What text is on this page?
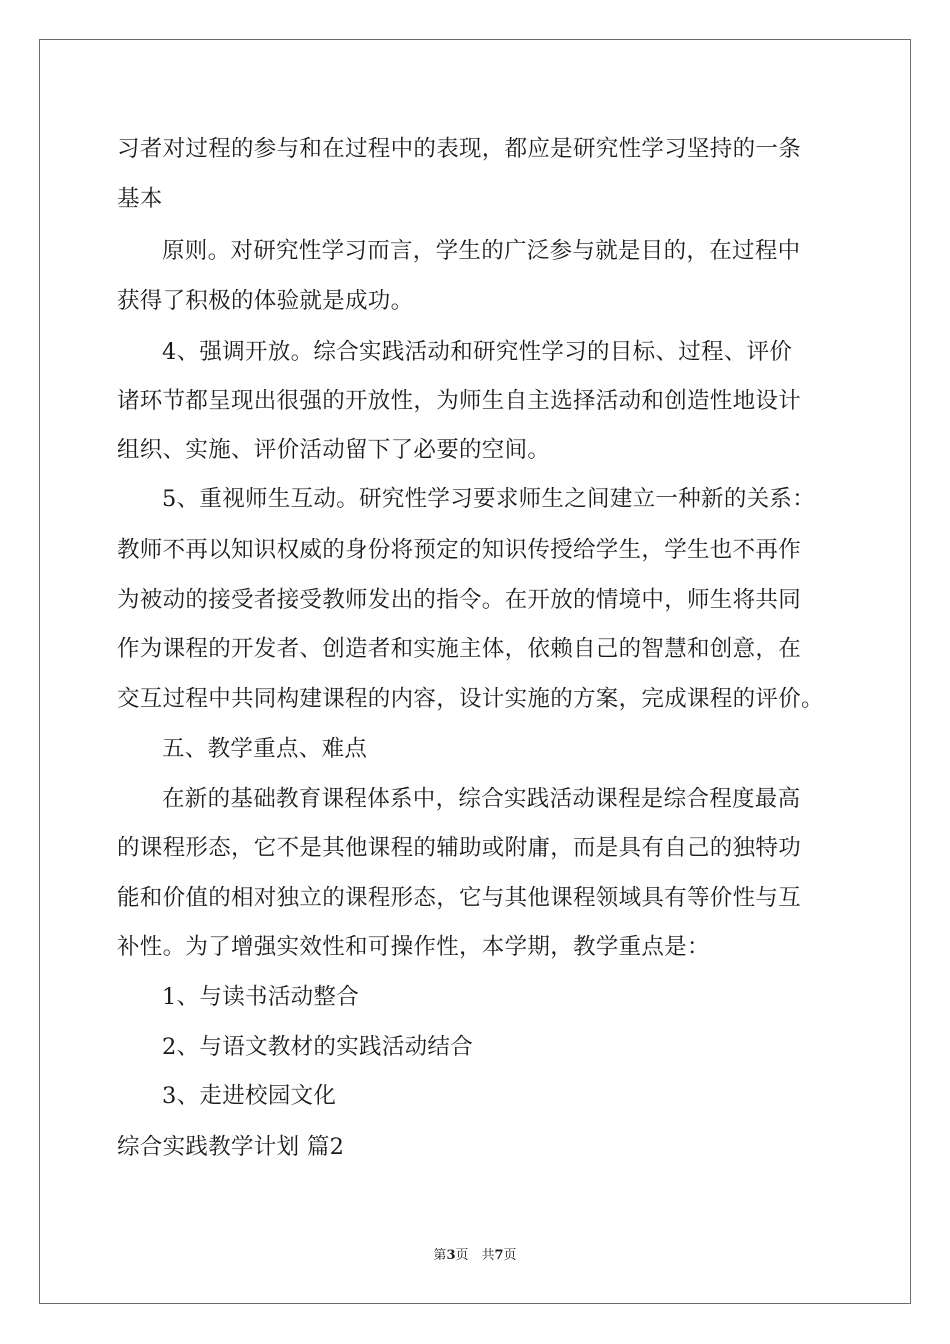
习者对过程的参与和在过程中的表现，都应是研究性学习坚持的一条
基本
原则。对研究性学习而言，学生的广泛参与就是目的，在过程中
获得了积极的体验就是成功。
4、强调开放。综合实践活动和研究性学习的目标、过程、评价
诸环节都呈现出很强的开放性，为师生自主选择活动和创造性地设计
组织、实施、评价活动留下了必要的空间。
5、重视师生互动。研究性学习要求师生之间建立一种新的关系：
教师不再以知识权威的身份将预定的知识传授给学生，学生也不再作
为被动的接受者接受教师发出的指令。在开放的情境中，师生将共同
作为课程的开发者、创造者和实施主体，依赖自己的智慧和创意，在
交互过程中共同构建课程的内容，设计实施的方案，完成课程的评价。
五、教学重点、难点
在新的基础教育课程体系中，综合实践活动课程是综合程度最高
的课程形态，它不是其他课程的辅助或附庸，而是具有自己的独特功
能和价值的相对独立的课程形态，它与其他课程领域具有等价性与互
补性。为了增强实效性和可操作性，本学期，教学重点是：
1、与读书活动整合
2、与语文教材的实践活动结合
3、走进校园文化
综合实践教学计划 篇2
第3页　共7页
